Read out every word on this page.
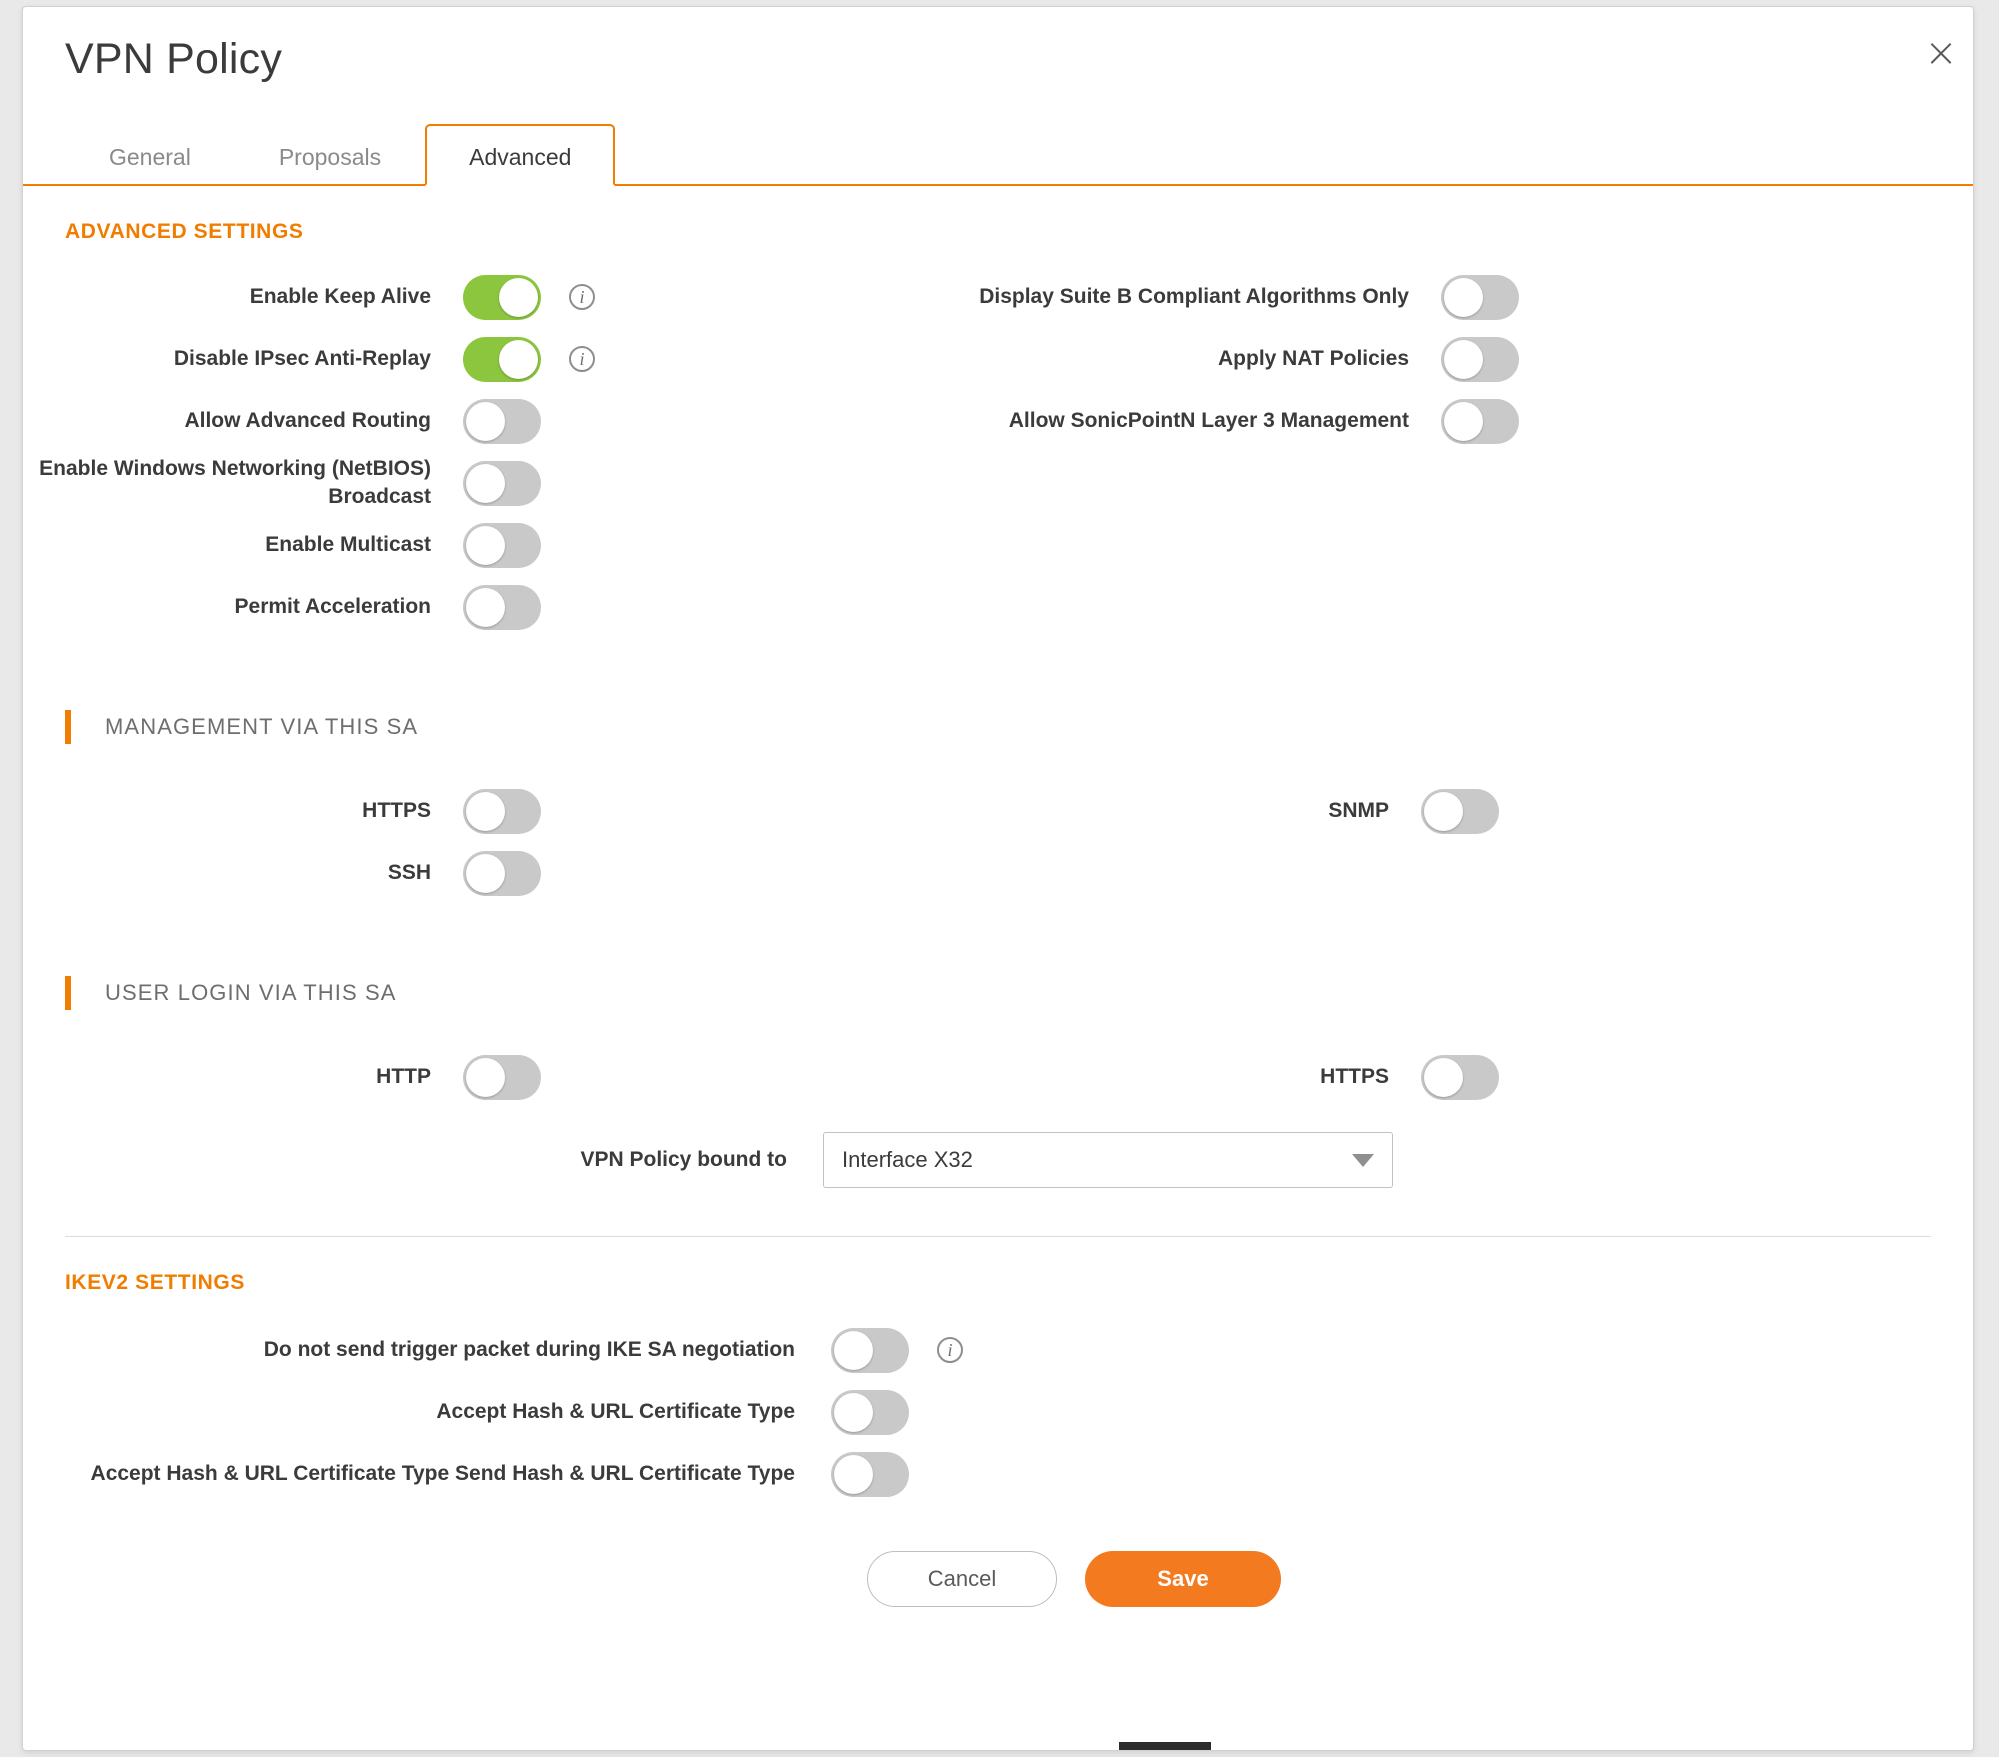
×
VPN Policy
General	Proposals	Advanced
ADVANCED SETTINGS
Enable Keep Alive	i
Disable IPsec Anti-Replay	i
Allow Advanced Routing
Enable Windows Networking (NetBIOS) Broadcast
Enable Multicast
Permit Acceleration
Display Suite B Compliant Algorithms Only
Apply NAT Policies
Allow SonicPointN Layer 3 Management
MANAGEMENT VIA THIS SA
HTTPS
SSH
SNMP
USER LOGIN VIA THIS SA
HTTP	HTTPS
VPN Policy bound to	Interface X32
IKEV2 SETTINGS
Do not send trigger packet during IKE SA negotiation	i
Accept Hash & URL Certificate Type
Accept Hash & URL Certificate Type Send Hash & URL Certificate Type
Cancel	Save
